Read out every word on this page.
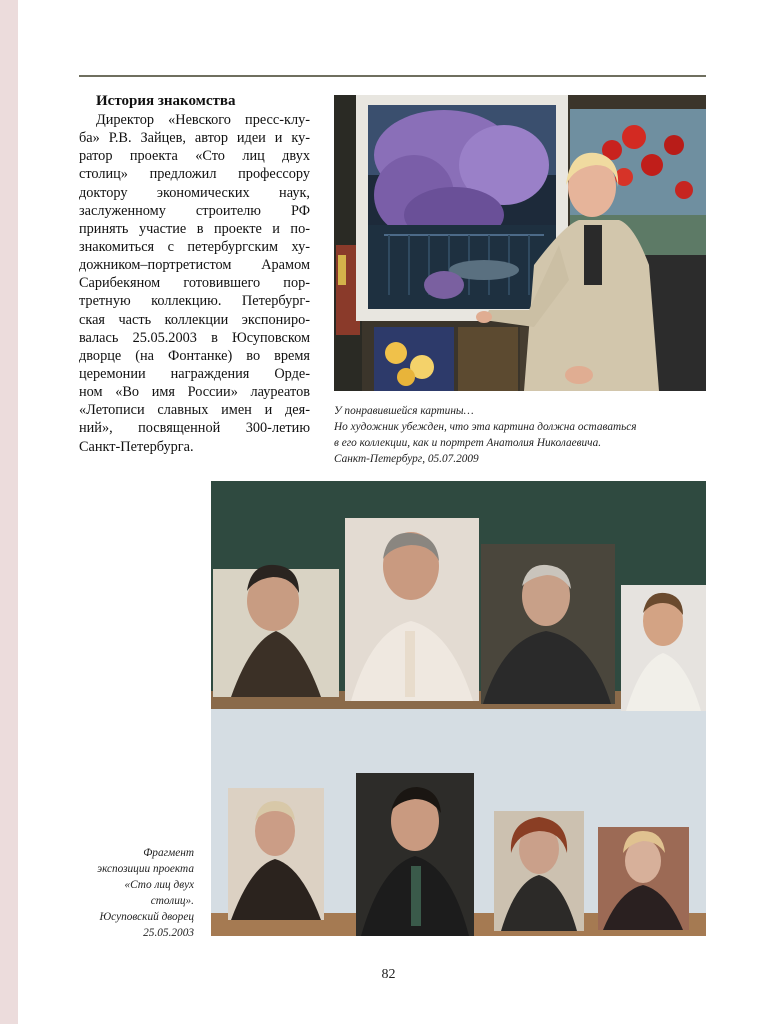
История знакомства
Директор «Невского пресс-клу-
ба» Р.В. Зайцев, автор идеи и ку-
ратор проекта «Сто лиц двух
столиц» предложил профессору
доктору экономических наук,
заслуженному строителю РФ
принять участие в проекте и по-
знакомиться с петербургским ху-
дожником–портретистом Арамом
Сарибекяном готовившего пор-
третную коллекцию. Петербург-
ская часть коллекции экспониро-
валась 25.05.2003 в Юсуповском
дворце (на Фонтанке) во время
церемонии награждения Орде-
ном «Во имя России» лауреатов
«Летописи славных имен и дея-
ний», посвященной 300-летию
Санкт-Петербурга.
У понравившейся картины…
Но художник убежден, что эта картина должна оставаться
в его коллекции, как и портрет Анатолия Николаевича.
Санкт-Петербург, 05.07.2009
Фрагмент
экспозиции проекта
«Сто лиц двух
столиц».
Юсуповский дворец
25.05.2003
82
